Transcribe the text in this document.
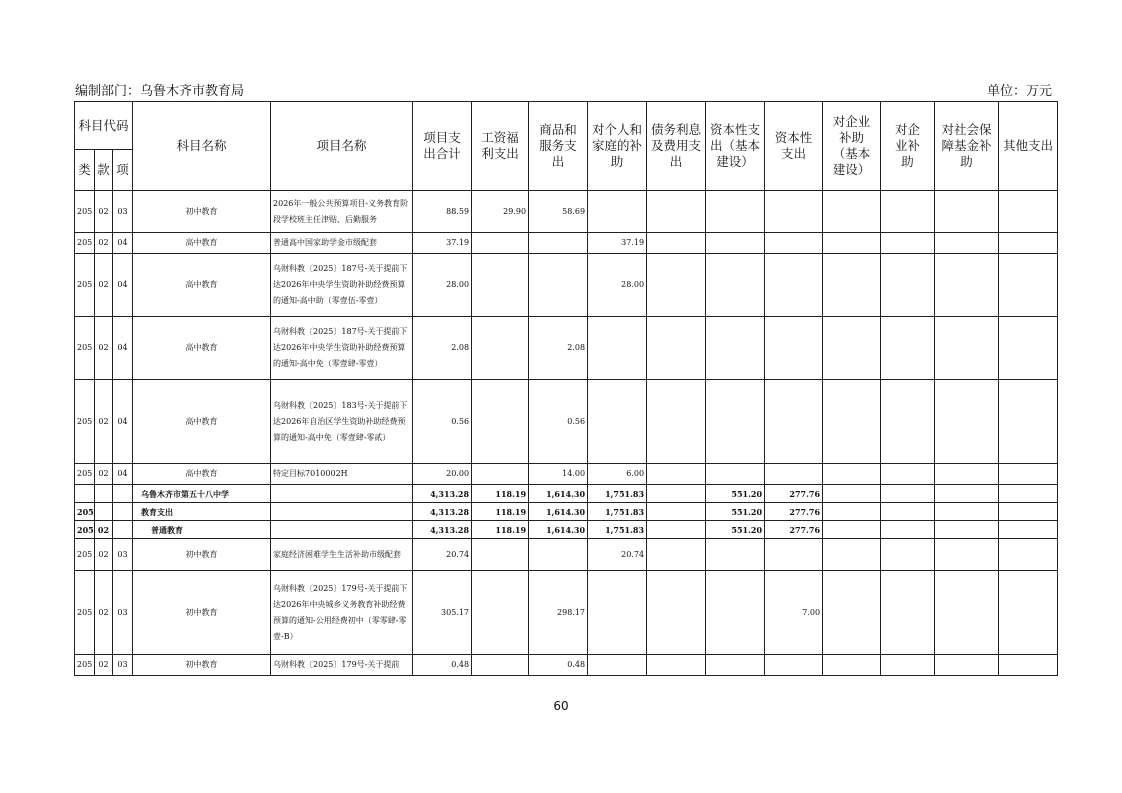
编制部门：乌鲁木齐市教育局	单位：万元
科目代码			科目名称	项目名称	项目支出合计	工资福利支出	商品和服务支出	对个人和家庭的补助	债务利息及费用支出	资本性支出（基本建设）	资本性支出	对企业补助（基本建设）	对企业补助	对社会保障基金补助	其他支出
类	款	项													
205	02	03	初中教育	2026年一般公共预算项目-义务教育阶段学校班主任津贴、后勤服务	88.59	29.90	58.69								
205	02	04	高中教育	普通高中国家助学金市级配套	37.19			37.19							
205	02	04	高中教育	乌财科教〔2025〕187号-关于提前下达2026年中央学生资助补助经费预算的通知-高中助（零壹伍-零壹）	28.00			28.00							
205	02	04	高中教育	乌财科教〔2025〕187号-关于提前下达2026年中央学生资助补助经费预算的通知-高中免（零壹肆-零壹）	2.08		2.08								
205	02	04	高中教育	乌财科教〔2025〕183号-关于提前下达2026年自治区学生资助补助经费预算的通知-高中免（零壹肆-零贰）	0.56		0.56								
205	02	04	高中教育	特定目标7010002H	20.00		14.00	6.00							
			乌鲁木齐市第五十八中学		4,313.28	118.19	1,614.30	1,751.83		551.20	277.76				
205			教育支出		4,313.28	118.19	1,614.30	1,751.83		551.20	277.76				
205	02		普通教育		4,313.28	118.19	1,614.30	1,751.83		551.20	277.76				
205	02	03	初中教育	家庭经济困难学生生活补助市级配套	20.74			20.74							
205	02	03	初中教育	乌财科教〔2025〕179号-关于提前下达2026年中央城乡义务教育补助经费预算的通知-公用经费初中（零零肆-零壹-B）	305.17		298.17				7.00				
205	02	03	初中教育	乌财科教〔2025〕179号-关于提前	0.48		0.48								
60
